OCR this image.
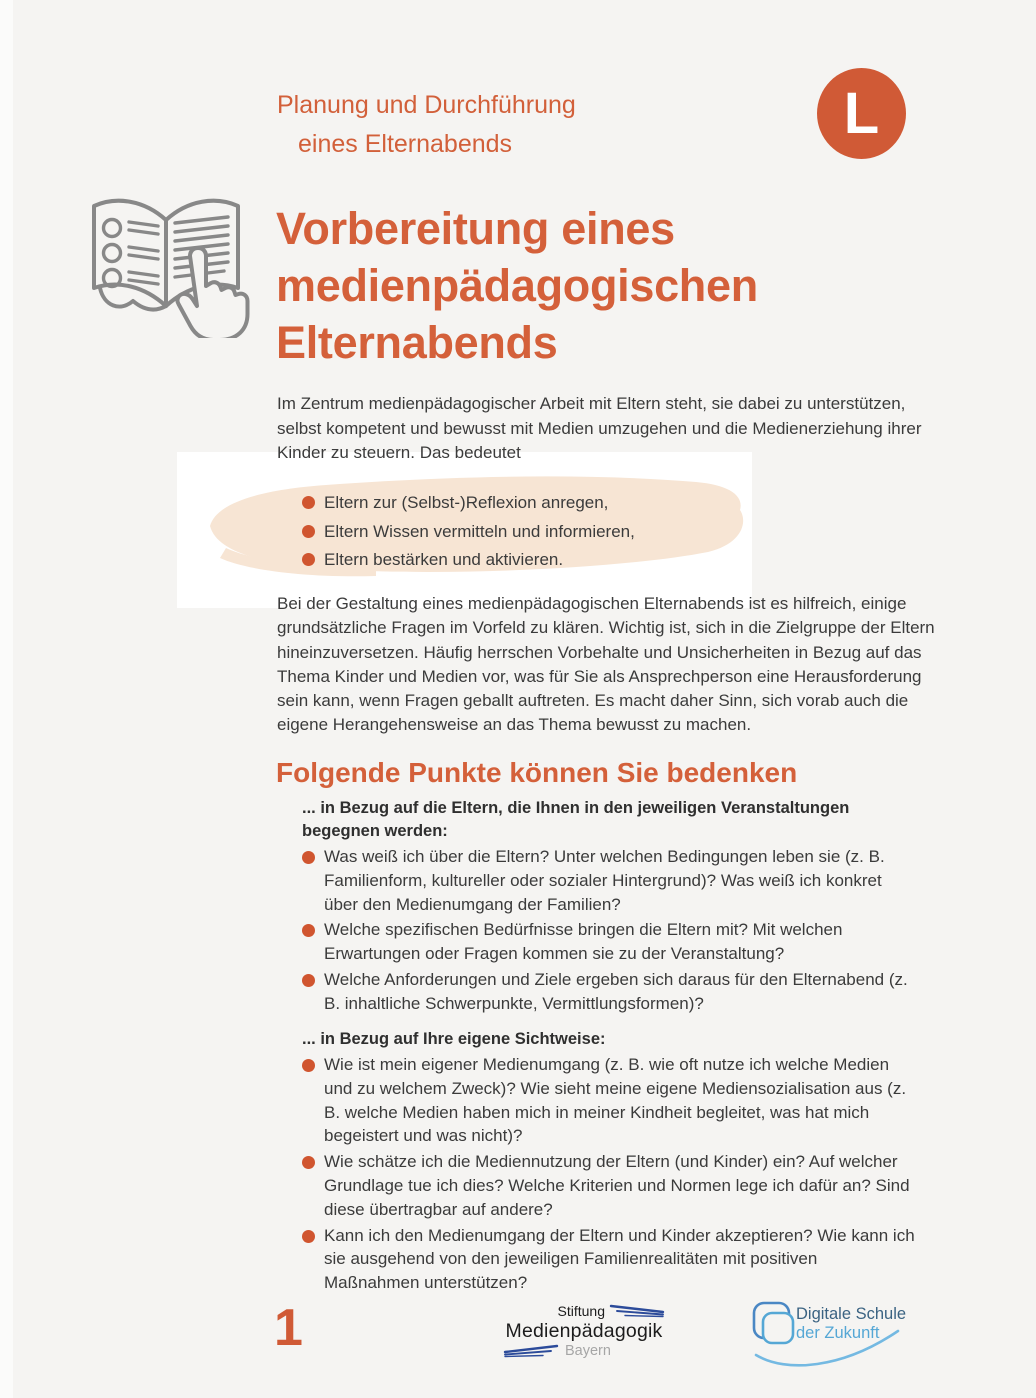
Planung und Durchführung
eines Elternabends	L
Vorbereitung eines medienpädagogischen Elternabends

Im Zentrum medienpädagogischer Arbeit mit Eltern steht, sie dabei zu unterstützen, selbst kompetent und bewusst mit Medien umzugehen und die Medienerziehung ihrer Kinder zu steuern. Das bedeutet

Eltern zur (Selbst-)Reflexion anregen,
Eltern Wissen vermitteln und informieren,
Eltern bestärken und aktivieren.

Bei der Gestaltung eines medienpädagogischen Elternabends ist es hilfreich, einige grundsätzliche Fragen im Vorfeld zu klären. Wichtig ist, sich in die Zielgruppe der Eltern hineinzuversetzen. Häufig herrschen Vorbehalte und Unsicherheiten in Bezug auf das Thema Kinder und Medien vor, was für Sie als Ansprechperson eine Herausforderung sein kann, wenn Fragen geballt auftreten. Es macht daher Sinn, sich vorab auch die eigene Herangehensweise an das Thema bewusst zu machen.

Folgende Punkte können Sie bedenken
... in Bezug auf die Eltern, die Ihnen in den jeweiligen Veranstaltungen begegnen werden:
Was weiß ich über die Eltern? Unter welchen Bedingungen leben sie (z. B. Familienform, kultureller oder sozialer Hintergrund)? Was weiß ich konkret über den Medienumgang der Familien?
Welche spezifischen Bedürfnisse bringen die Eltern mit? Mit welchen Erwartungen oder Fragen kommen sie zu der Veranstaltung?
Welche Anforderungen und Ziele ergeben sich daraus für den Elternabend (z. B. inhaltliche Schwerpunkte, Vermittlungsformen)?
... in Bezug auf Ihre eigene Sichtweise:
Wie ist mein eigener Medienumgang (z. B. wie oft nutze ich welche Medien und zu welchem Zweck)? Wie sieht meine eigene Mediensozialisation aus (z. B. welche Medien haben mich in meiner Kindheit begleitet, was hat mich begeistert und was nicht)?
Wie schätze ich die Mediennutzung der Eltern (und Kinder) ein? Auf welcher Grundlage tue ich dies? Welche Kriterien und Normen lege ich dafür an? Sind diese übertragbar auf andere?
Kann ich den Medienumgang der Eltern und Kinder akzeptieren? Wie kann ich sie ausgehend von den jeweiligen Familienrealitäten mit positiven Maßnahmen unterstützen?
1	Stiftung
Medienpädagogik
Bayern
Digitale Schule
der Zukunft
